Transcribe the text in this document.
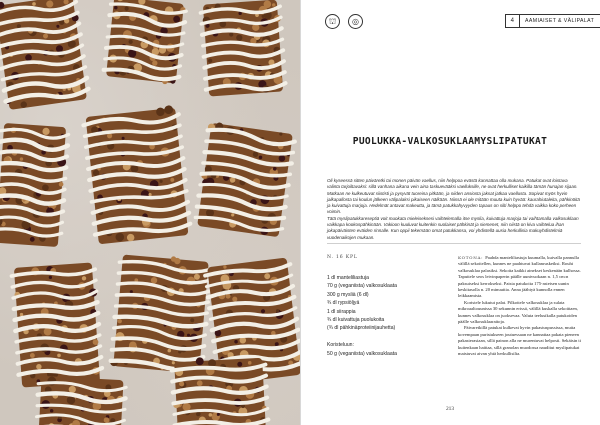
⛫	◎	4	AAMIAISET & VÄLIPALAT
PUOLUKKA-VALKOSUKLAAMYSLIPATUKAT

Oli kyseessä sitten päiväretki tai monen päivän vaellus, niin helppoa evästä kannattaa olla mukana. Patukat ovat loistava valinta tarjoiltavaksi: sillä vanhana aikana vein aina taskuevääksi vaelluksille, ne ovat herkulliset kaikilla tämän hunajan sijaan. Matkaan ne kulkeutuvat siististi ja pysyvät tuoreina pitkään, ja niiden ansiosta jaksat jatkaa vaellusta. Sopivat myös hyvin jalkapallosta tai koulun jälkeen välipalaksi pikaiseen nälkään. Niissä ei ole mitään muuta kuin hyvää: kaurahiutaleita, pähkinöitä ja kuivattuja marjoja. Hedelmät antavat makeutta, ja tämä patukkahyvyyden tapaus on silti helppo tehdä vaikka koko perheen voimin.

Tätä myslipatukkareseptiä voit muokata mieleiseksesi vaihtelemalla itse myslia, kuivattuja marjoja tai vaihtamalla valkosuklaan vaikkapa kookospähkinään. Vakioon kuuluvat kuitenkin suolaiset pähkinät ja siemenet, niin niistä on kiva vaihtelua ihan jokapäiväisten eväiden rinnalle. Kun oppii tekemään omat patukkansa, voi yhdistellä uusia herkullisia makuyhdistelmiä vuodenaikojen mukaan.

N. 16 KPL
1 dl manteliliastuja
70 g (veganiista) valkosuklaata
300 g mysliä (6 dl)
¾ dl rypsiöljyä
1 dl siirappia
¾ dl kuivattuja puolukoita
(¾ dl pähkinäproteiinijauhetta)
Koristeluun:
50 g (veganiista) valkosuklaata

KOTONA: Paahda manteliliastuja kuumalla, kuivalla pannulla välillä sekoitellen, kunnes ne paahtuvat kullanruskeiksi. Rouhi valkosuklaa palasiksi. Sekoita kaikki ainekset keskenään kulhossa. Taputtele seos leivinpaperin päälle uunivuokaan n. 1,5 cm:n paksuiseksi kerrokseksi. Paista patukoita 175-asteisen uunin keskitasolla n. 20 minuuttia. Anna jäähtyä kunnolla ennen leikkaamista.

Koristele lukutut palat. Pilkottele valkosuklaa ja sulata mikroaaltouunissa 30 sekunnin erissä, välillä kuskalla sekoittaen, kunnes valkosuklaa on juoksevaa. Valuta teelusikalla patukoiden päälle valkosuklaaraitoja.

Päivaretkillä patukat kulkevat hyvin pakastuspussissa, mutta kovempaan puristukseen joutuessaan ne kannattaa pakata pieneen pakasterasiaan, sillä painon alla ne murentuvat helposti. Sekäisin ti kuitenkaan haittaa, sillä granolan muodossa nauditut myslipatukat maistuvat aivan yhtä herkullisilta.

213
